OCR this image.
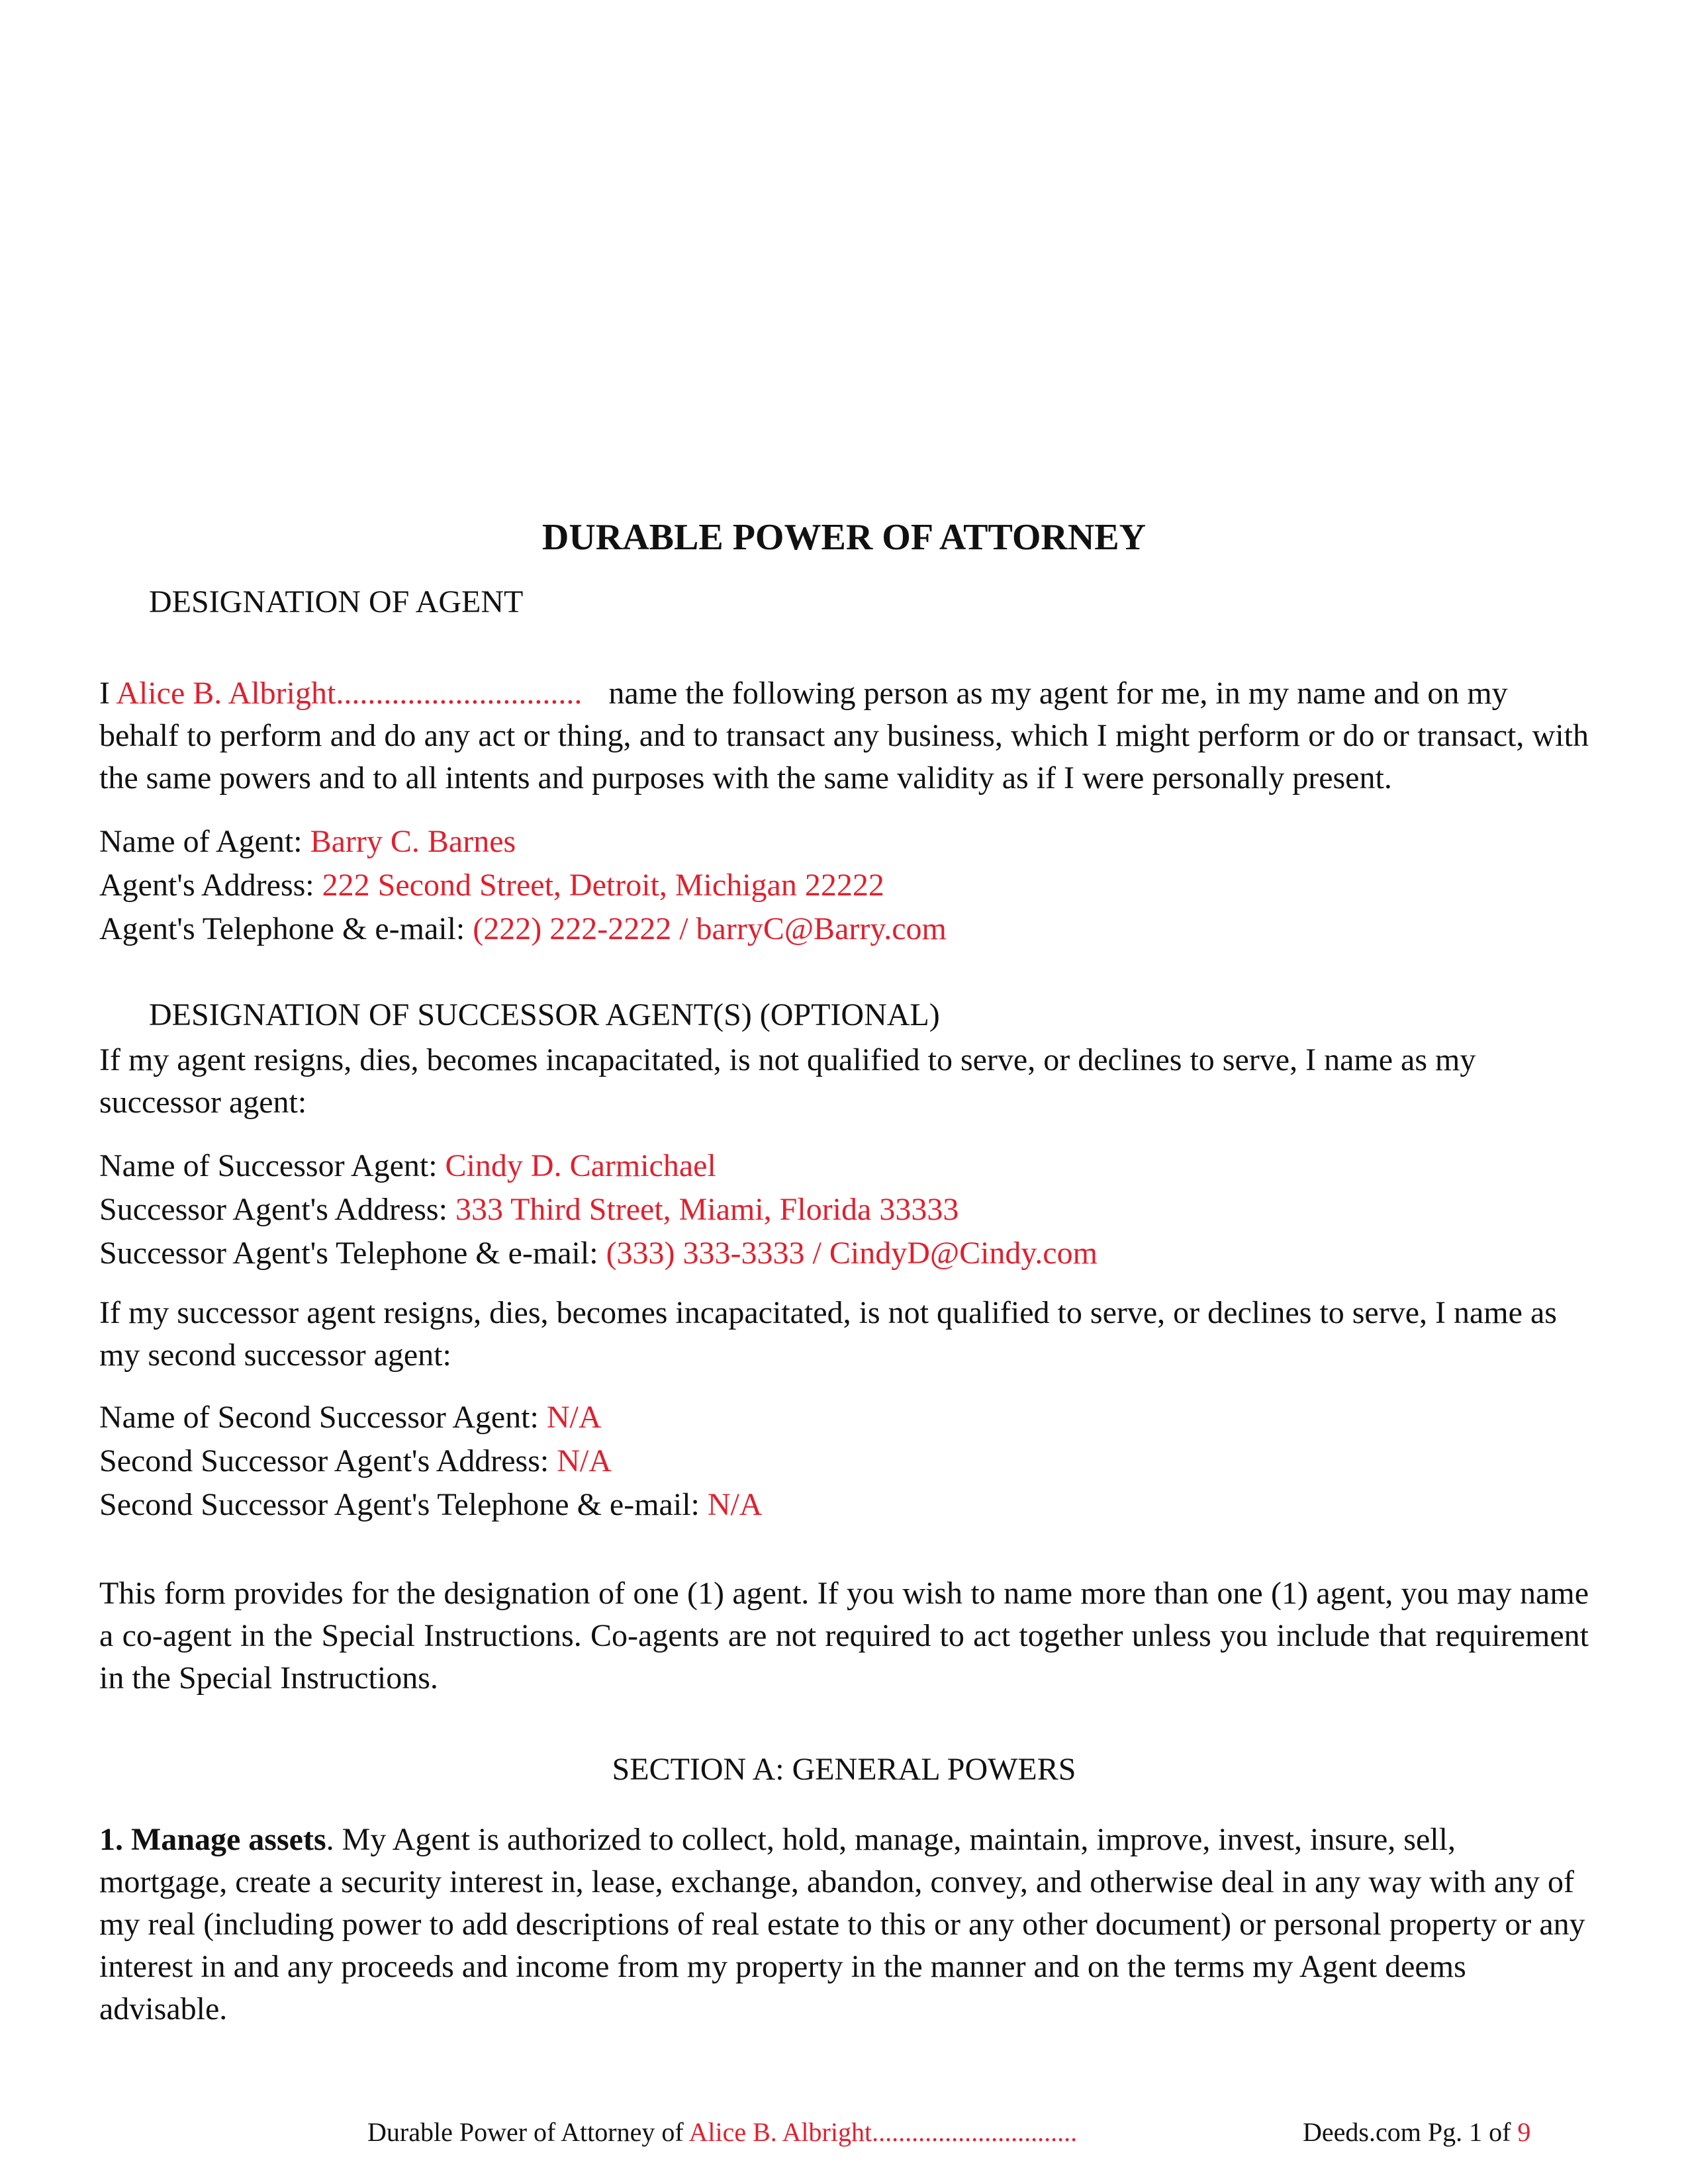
DURABLE POWER OF ATTORNEY
DESIGNATION OF AGENT
I Alice B. Albright............................... name the following person as my agent for me, in my name and on my
behalf to perform and do any act or thing, and to transact any business, which I might perform or do or transact, with the same powers and to all intents and purposes with the same validity as if I were personally present.
Name of Agent: Barry C. Barnes
Agent's Address: 222 Second Street, Detroit, Michigan 22222
Agent's Telephone & e-mail: (222) 222-2222 / barryC@Barry.com
DESIGNATION OF SUCCESSOR AGENT(S) (OPTIONAL)
If my agent resigns, dies, becomes incapacitated, is not qualified to serve, or declines to serve, I name as my successor agent:
Name of Successor Agent: Cindy D. Carmichael
Successor Agent's Address: 333 Third Street, Miami, Florida 33333
Successor Agent's Telephone & e-mail: (333) 333-3333 / CindyD@Cindy.com
If my successor agent resigns, dies, becomes incapacitated, is not qualified to serve, or declines to serve, I name as my second successor agent:
Name of Second Successor Agent: N/A
Second Successor Agent's Address: N/A
Second Successor Agent's Telephone & e-mail: N/A
This form provides for the designation of one (1) agent. If you wish to name more than one (1) agent, you may name a co-agent in the Special Instructions. Co-agents are not required to act together unless you include that requirement in the Special Instructions.
SECTION A: GENERAL POWERS
1. Manage assets. My Agent is authorized to collect, hold, manage, maintain, improve, invest, insure, sell, mortgage, create a security interest in, lease, exchange, abandon, convey, and otherwise deal in any way with any of my real (including power to add descriptions of real estate to this or any other document) or personal property or any interest in and any proceeds and income from my property in the manner and on the terms my Agent deems advisable.
Durable Power of Attorney of Alice B. Albright...............................	Deeds.com Pg. 1 of 9
